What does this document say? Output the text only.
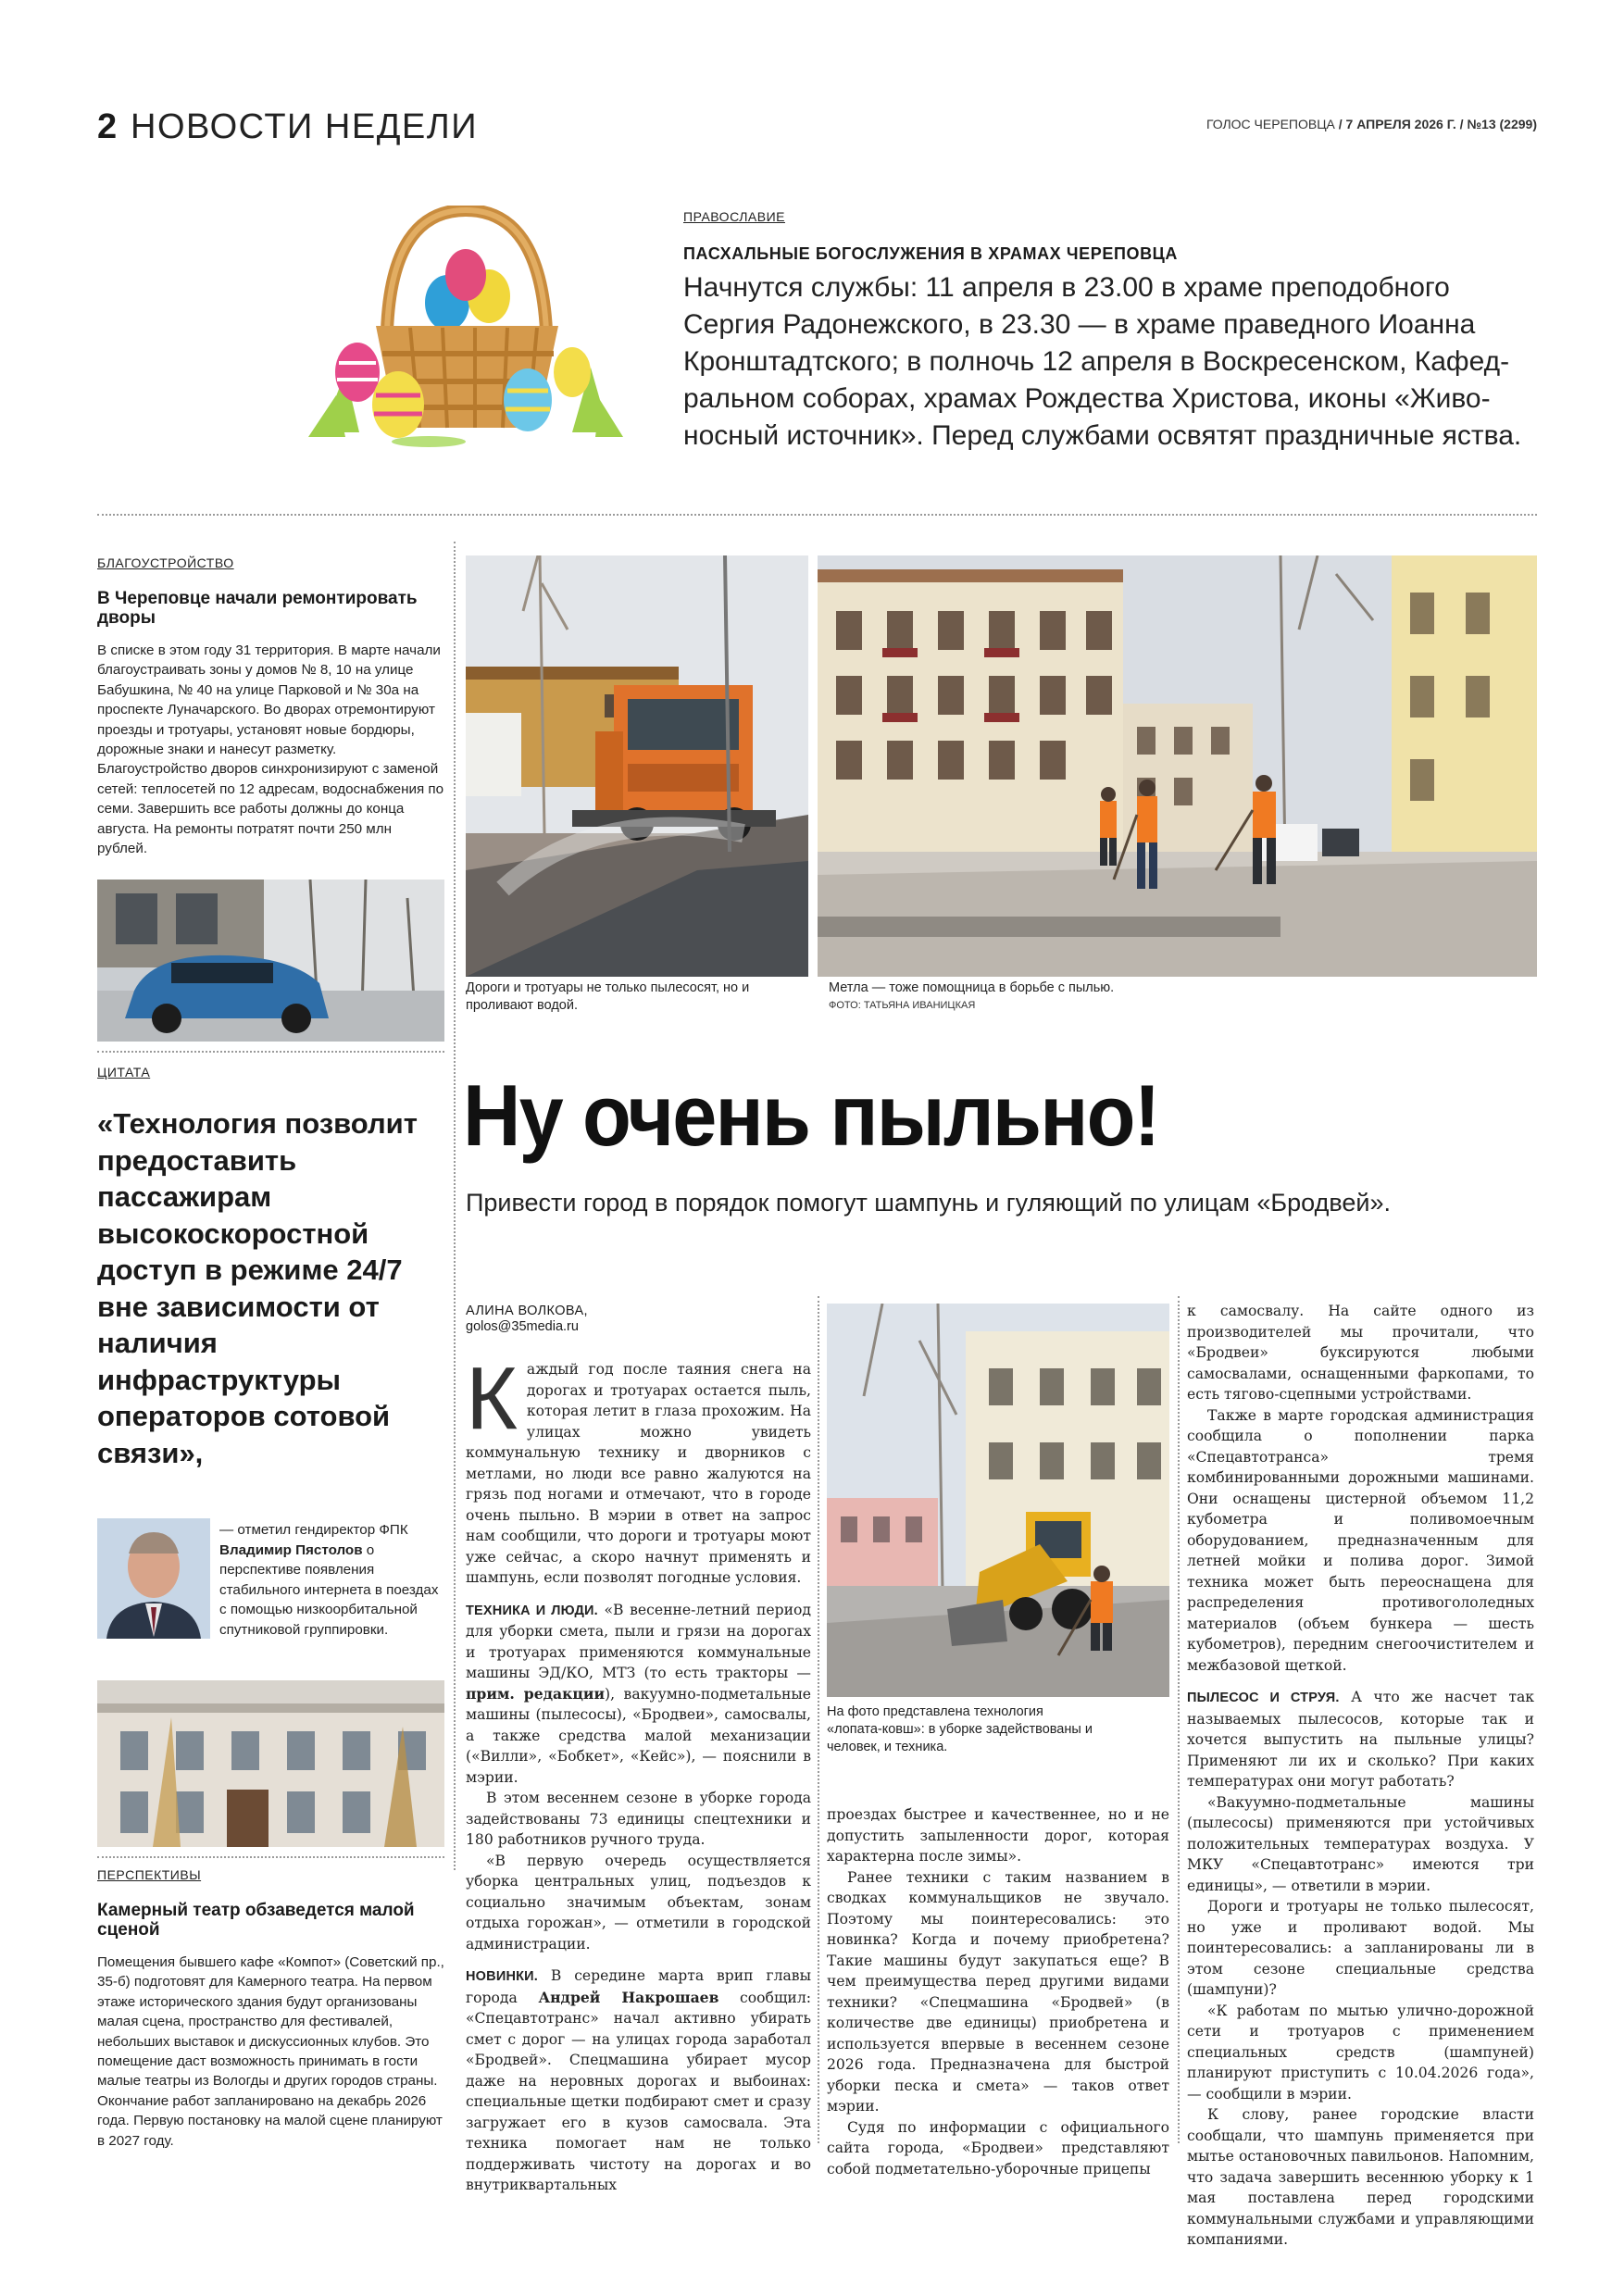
2 НОВОСТИ НЕДЕЛИ	ГОЛОС ЧЕРЕПОВЦА / 7 АПРЕЛЯ 2026 Г. / №13 (2299)
ПРАВОСЛАВИЕ
ПАСХАЛЬНЫЕ БОГОСЛУЖЕНИЯ В ХРАМАХ ЧЕРЕПОВЦА
Начнутся службы: 11 апреля в 23.00 в храме преподобного
Сергия Радонежского, в 23.30 — в храме праведного Иоанна
Кронштадтского; в полночь 12 апреля в Воскресенском, Кафед-
ральном соборах, храмах Рождества Христова, иконы «Живо-
носный источник». Перед службами освятят праздничные яства.
БЛАГОУСТРОЙСТВО
В Череповце начали ремонтировать дворы
В списке в этом году 31 территория. В марте начали благоустраивать зоны у домов № 8, 10 на улице Бабушкина, № 40 на улице Парковой и № 30а на проспекте Луначарского. Во дворах отремонтируют проезды и тротуары, установят новые бордюры, дорожные знаки и нанесут разметку. Благоустройство дворов синхронизируют с заменой сетей: теплосетей по 12 адресам, водоснабжения по семи. Завершить все работы должны до конца августа. На ремонты потратят почти 250 млн рублей.
ЦИТАТА
«Технология позволит предоставить пассажирам высокоскоростной доступ в режиме 24/7 вне зависимости от наличия инфраструктуры операторов сотовой связи»,
— отметил гендиректор ФПК Владимир Пястолов о перспективе появления стабильного интернета в поездах с помощью низкоорбитальной спутниковой группировки.
ПЕРСПЕКТИВЫ
Камерный театр обзаведется малой сценой
Помещения бывшего кафе «Компот» (Советский пр., 35-б) подготовят для Камерного театра. На первом этаже исторического здания будут организованы малая сцена, пространство для фестивалей, небольших выставок и дискуссионных клубов. Это помещение даст возможность принимать в гости малые театры из Вологды и других городов страны. Окончание работ запланировано на декабрь 2026 года. Первую постановку на малой сцене планируют в 2027 году.
Дороги и тротуары не только пылесосят, но и проливают водой.
Метла — тоже помощница в борьбе с пылью.
ФОТО: ТАТЬЯНА ИВАНИЦКАЯ
Ну очень пыльно!
Привести город в порядок помогут шампунь и гуляющий по улицам «Бродвей».
АЛИНА ВОЛКОВА,
golos@35media.ru
Каждый год после таяния снега на дорогах и тротуарах остается пыль, которая летит в глаза прохожим. На улицах можно увидеть коммунальную технику и дворников с метлами, но люди все равно жалуются на грязь под ногами и отмечают, что в городе очень пыльно. В мэрии в ответ на запрос нам сообщили, что дороги и тротуары моют уже сейчас, а скоро начнут применять и шампунь, если позволят погодные условия.

ТЕХНИКА И ЛЮДИ. «В весенне-летний период для уборки смета, пыли и грязи на дорогах и тротуарах применяются коммунальные машины ЭД/КО, МТЗ (то есть тракторы — прим. редакции), вакуумно-подметальные машины (пылесосы), «Бродвеи», самосвалы, а также средства малой механизации («Вилли», «Бобкет», «Кейс»), — пояснили в мэрии.

В этом весеннем сезоне в уборке города задействованы 73 единицы спецтехники и 180 работников ручного труда.

«В первую очередь осуществляется уборка центральных улиц, подъездов к социально значимым объектам, зонам отдыха горожан», — отметили в городской администрации.

НОВИНКИ. В середине марта врип главы города Андрей Накрошаев сообщил: «Спецавтотранс» начал активно убирать смет с дорог — на улицах города заработал «Бродвей». Спецмашина убирает мусор даже на неровных дорогах и выбоинах: специальные щетки подбирают смет и сразу загружает его в кузов самосвала. Эта техника помогает нам не только поддерживать чистоту на дорогах и во внутриквартальных

На фото представлена технология «лопата-ковш»: в уборке задействованы и человек, и техника.

проездах быстрее и качественнее, но и не допустить запыленности дорог, которая характерна после зимы».

Ранее техники с таким названием в сводках коммунальщиков не звучало. Поэтому мы поинтересовались: это новинка? Когда и почему приобретена? Такие машины будут закупаться еще? В чем преимущества перед другими видами техники? «Спецмашина «Бродвей» (в количестве две единицы) приобретена и используется впервые в весеннем сезоне 2026 года. Предназначена для быстрой уборки песка и смета» — таков ответ мэрии.

Судя по информации с официального сайта города, «Бродвеи» представляют собой подметательно-уборочные прицепы

к самосвалу. На сайте одного из производителей мы прочитали, что «Бродвеи» буксируются любыми самосвалами, оснащенными фаркопами, то есть тягово-сцепными устройствами.

Также в марте городская администрация сообщила о пополнении парка «Спецавтотранса» тремя комбинированными дорожными машинами. Они оснащены цистерной объемом 11,2 кубометра и поливомоечным оборудованием, предназначенным для летней мойки и полива дорог. Зимой техника может быть переоснащена для распределения противогололедных материалов (объем бункера — шесть кубометров), передним снегоочистителем и межбазовой щеткой.

ПЫЛЕСОС И СТРУЯ. А что же насчет так называемых пылесосов, которые так и хочется выпустить на пыльные улицы? Применяют ли их и сколько? При каких температурах они могут работать?

«Вакуумно-подметальные машины (пылесосы) применяются при устойчивых положительных температурах воздуха. У МКУ «Спецавтотранс» имеются три единицы», — ответили в мэрии.

Дороги и тротуары не только пылесосят, но уже и проливают водой. Мы поинтересовались: а запланированы ли в этом сезоне специальные средства (шампуни)?

«К работам по мытью улично-дорожной сети и тротуаров с применением специальных средств (шампуней) планируют приступить с 10.04.2026 года», — сообщили в мэрии.

К слову, ранее городские власти сообщали, что шампунь применяется при мытье остановочных павильонов. Напомним, что задача завершить весеннюю уборку к 1 мая поставлена перед городскими коммунальными службами и управляющими компаниями.
